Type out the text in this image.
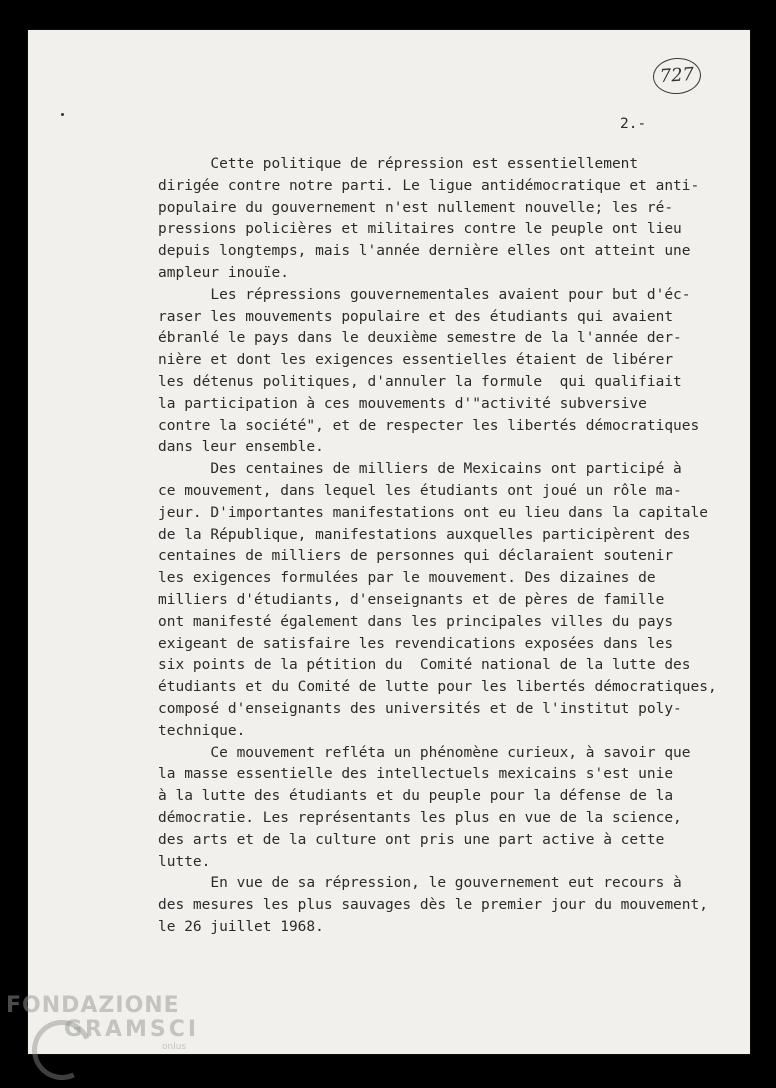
727
2.-
Cette politique de répression est essentiellement
dirigée contre notre parti. Le ligue antidémocratique et anti-
populaire du gouvernement n'est nullement nouvelle; les ré-
pressions policières et militaires contre le peuple ont lieu
depuis longtemps, mais l'année dernière elles ont atteint une
ampleur inouïe.
Les répressions gouvernementales avaient pour but d'éc-
raser les mouvements populaire et des étudiants qui avaient
ébranlé le pays dans le deuxième semestre de la l'année der-
nière et dont les exigences essentielles étaient de libérer
les détenus politiques, d'annuler la formule  qui qualifiait
la participation à ces mouvements d'"activité subversive
contre la société", et de respecter les libertés démocratiques
dans leur ensemble.
Des centaines de milliers de Mexicains ont participé à
ce mouvement, dans lequel les étudiants ont joué un rôle ma-
jeur. D'importantes manifestations ont eu lieu dans la capitale
de la République, manifestations auxquelles participèrent des
centaines de milliers de personnes qui déclaraient soutenir
les exigences formulées par le mouvement. Des dizaines de
milliers d'étudiants, d'enseignants et de pères de famille
ont manifesté également dans les principales villes du pays
exigeant de satisfaire les revendications exposées dans les
six points de la pétition du  Comité national de la lutte des
étudiants et du Comité de lutte pour les libertés démocratiques,
composé d'enseignants des universités et de l'institut poly-
technique.
Ce mouvement refléta un phénomène curieux, à savoir que
la masse essentielle des intellectuels mexicains s'est unie
à la lutte des étudiants et du peuple pour la défense de la
démocratie. Les représentants les plus en vue de la science,
des arts et de la culture ont pris une part active à cette
lutte.
En vue de sa répression, le gouvernement eut recours à
des mesures les plus sauvages dès le premier jour du mouvement,
le 26 juillet 1968.
FONDAZIONE
GRAMSCI
onlus
